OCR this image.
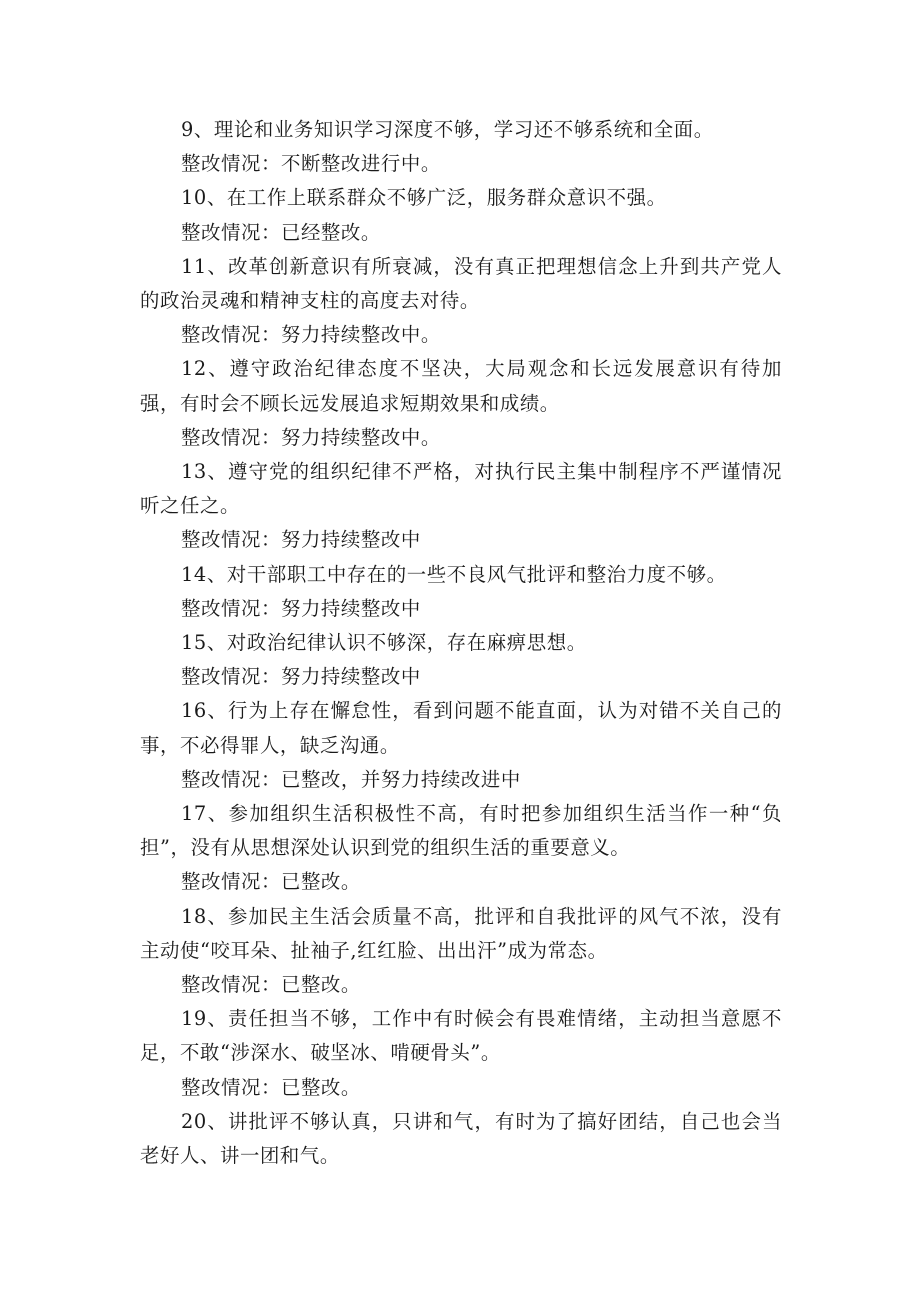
9、理论和业务知识学习深度不够，学习还不够系统和全面。

整改情况：不断整改进行中。

10、在工作上联系群众不够广泛，服务群众意识不强。

整改情况：已经整改。

11、改革创新意识有所衰减，没有真正把理想信念上升到共产党人的政治灵魂和精神支柱的高度去对待。

整改情况：努力持续整改中。

12、遵守政治纪律态度不坚决，大局观念和长远发展意识有待加强，有时会不顾长远发展追求短期效果和成绩。

整改情况：努力持续整改中。

13、遵守党的组织纪律不严格，对执行民主集中制程序不严谨情况听之任之。

整改情况：努力持续整改中

14、对干部职工中存在的一些不良风气批评和整治力度不够。

整改情况：努力持续整改中

15、对政治纪律认识不够深，存在麻痹思想。

整改情况：努力持续整改中

16、行为上存在懈怠性，看到问题不能直面，认为对错不关自己的事，不必得罪人，缺乏沟通。

整改情况：已整改，并努力持续改进中

17、参加组织生活积极性不高，有时把参加组织生活当作一种“负担”，没有从思想深处认识到党的组织生活的重要意义。

整改情况：已整改。

18、参加民主生活会质量不高，批评和自我批评的风气不浓，没有主动使“咬耳朵、扯袖子,红红脸、出出汗”成为常态。

整改情况：已整改。

19、责任担当不够，工作中有时候会有畏难情绪，主动担当意愿不足，不敢“涉深水、破坚冰、啃硬骨头”。

整改情况：已整改。

20、讲批评不够认真，只讲和气，有时为了搞好团结，自己也会当老好人、讲一团和气。
